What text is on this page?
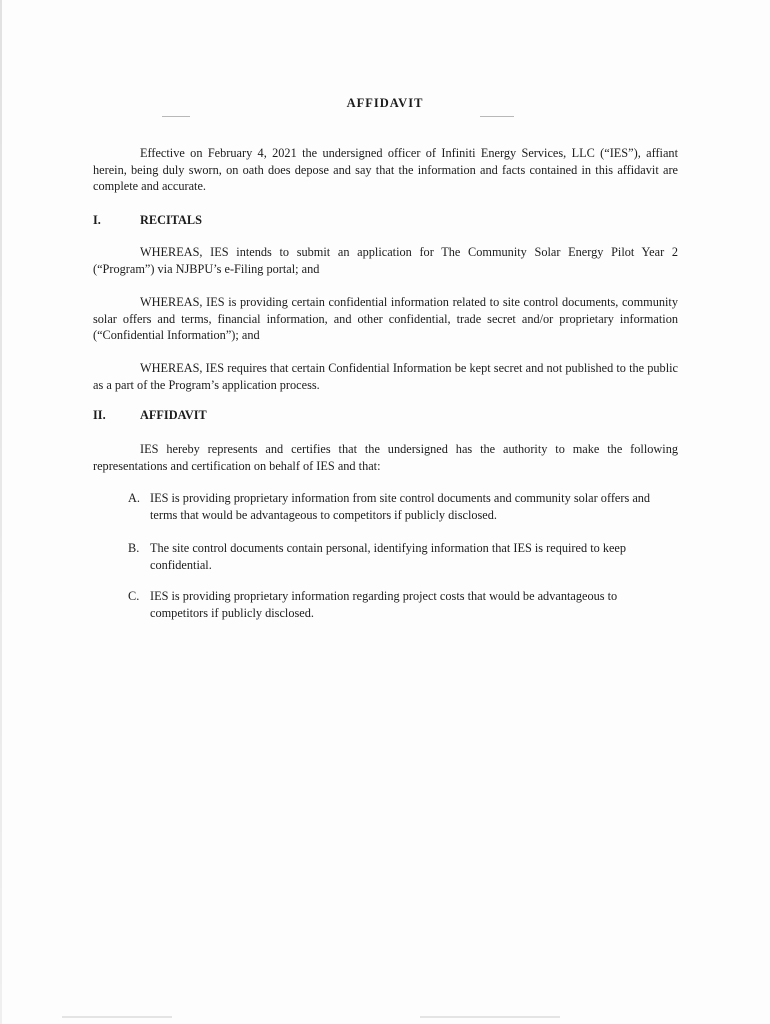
AFFIDAVIT
Effective on February 4, 2021 the undersigned officer of Infiniti Energy Services, LLC (“IES”), affiant herein, being duly sworn, on oath does depose and say that the information and facts contained in this affidavit are complete and accurate.
I.	RECITALS
WHEREAS, IES intends to submit an application for The Community Solar Energy Pilot Year 2 (“Program”) via NJBPU’s e-Filing portal; and
WHEREAS, IES is providing certain confidential information related to site control documents, community solar offers and terms, financial information, and other confidential, trade secret and/or proprietary information (“Confidential Information”); and
WHEREAS, IES requires that certain Confidential Information be kept secret and not published to the public as a part of the Program’s application process.
II.	AFFIDAVIT
IES hereby represents and certifies that the undersigned has the authority to make the following representations and certification on behalf of IES and that:
A. IES is providing proprietary information from site control documents and community solar offers and terms that would be advantageous to competitors if publicly disclosed.
B. The site control documents contain personal, identifying information that IES is required to keep confidential.
C. IES is providing proprietary information regarding project costs that would be advantageous to competitors if publicly disclosed.
